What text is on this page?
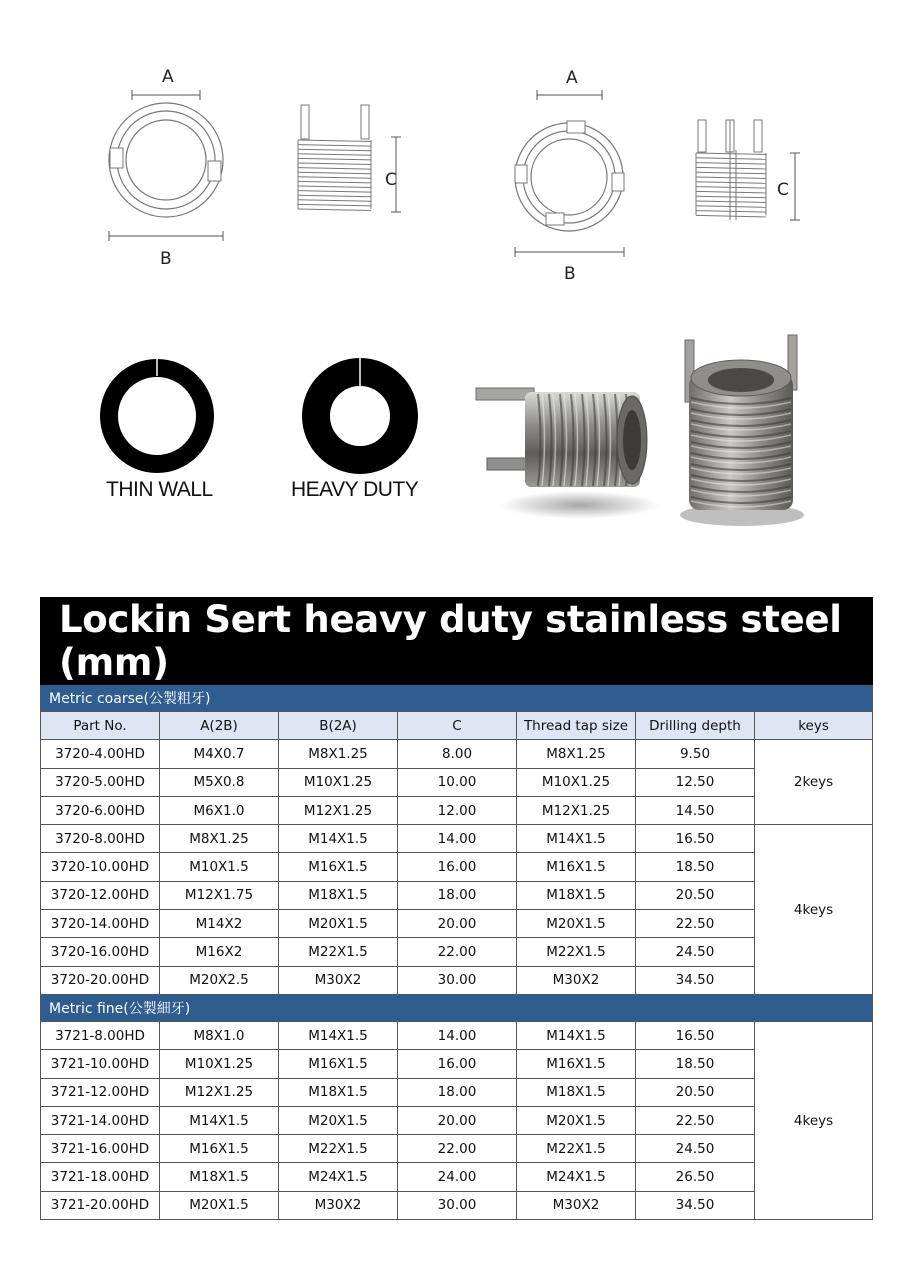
A
B
C
A
B
C
THIN WALL	HEAVY DUTY
Lockin Sert heavy duty stainless steel (mm)						
Metric coarse(公製粗牙)						
Part No.	A(2B)	B(2A)	C	Thread tap size	Drilling depth	keys
3720-4.00HD	M4X0.7	M8X1.25	8.00	M8X1.25	9.50	2keys
3720-5.00HD	M5X0.8	M10X1.25	10.00	M10X1.25	12.50	
3720-6.00HD	M6X1.0	M12X1.25	12.00	M12X1.25	14.50	
3720-8.00HD	M8X1.25	M14X1.5	14.00	M14X1.5	16.50	4keys
3720-10.00HD	M10X1.5	M16X1.5	16.00	M16X1.5	18.50	
3720-12.00HD	M12X1.75	M18X1.5	18.00	M18X1.5	20.50	
3720-14.00HD	M14X2	M20X1.5	20.00	M20X1.5	22.50	
3720-16.00HD	M16X2	M22X1.5	22.00	M22X1.5	24.50	
3720-20.00HD	M20X2.5	M30X2	30.00	M30X2	34.50	
Metric fine(公製細牙)						
3721-8.00HD	M8X1.0	M14X1.5	14.00	M14X1.5	16.50	4keys
3721-10.00HD	M10X1.25	M16X1.5	16.00	M16X1.5	18.50	
3721-12.00HD	M12X1.25	M18X1.5	18.00	M18X1.5	20.50	
3721-14.00HD	M14X1.5	M20X1.5	20.00	M20X1.5	22.50	
3721-16.00HD	M16X1.5	M22X1.5	22.00	M22X1.5	24.50	
3721-18.00HD	M18X1.5	M24X1.5	24.00	M24X1.5	26.50	
3721-20.00HD	M20X1.5	M30X2	30.00	M30X2	34.50	
